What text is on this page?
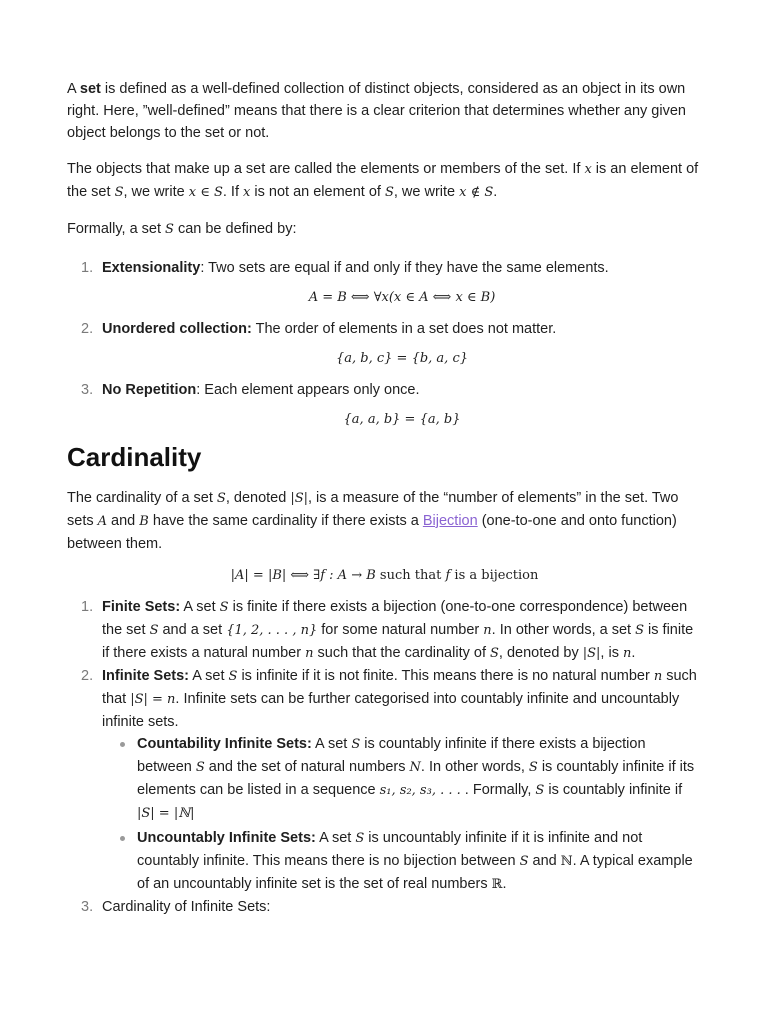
A set is defined as a well-defined collection of distinct objects, considered as an object in its own right. Here, ”well-defined” means that there is a clear criterion that determines whether any given object belongs to the set or not.

The objects that make up a set are called the elements or members of the set. If x is an element of the set S, we write x ∈ S. If x is not an element of S, we write x ∉ S.

Formally, a set S can be defined by:

1. Extensionality: Two sets are equal if and only if they have the same elements.
A = B ⟺ ∀x(x ∈ A ⟺ x ∈ B)
2. Unordered collection: The order of elements in a set does not matter.
{a, b, c} = {b, a, c}
3. No Repetition: Each element appears only once.
{a, a, b} = {a, b}
Cardinality

The cardinality of a set S, denoted |S|, is a measure of the “number of elements” in the set. Two sets A and B have the same cardinality if there exists a Bijection (one-to-one and onto function) between them.

|A| = |B| ⟺ ∃f : A → B such that f is a bijection
1. Finite Sets: A set S is finite if there exists a bijection (one-to-one correspondence) between the set S and a set {1, 2, . . . , n} for some natural number n. In other words, a set S is finite if there exists a natural number n such that the cardinality of S, denoted by |S|, is n.
2. Infinite Sets: A set S is infinite if it is not finite. This means there is no natural number n such that |S| = n. Infinite sets can be further categorised into countably infinite and uncountably infinite sets.
Countability Infinite Sets: A set S is countably infinite if there exists a bijection between S and the set of natural numbers N. In other words, S is countably infinite if its elements can be listed in a sequence s₁, s₂, s₃, . . . . Formally, S is countably infinite if |S| = |ℕ|
Uncountably Infinite Sets: A set S is uncountably infinite if it is infinite and not countably infinite. This means there is no bijection between S and ℕ. A typical example of an uncountably infinite set is the set of real numbers ℝ.
3. Cardinality of Infinite Sets:
